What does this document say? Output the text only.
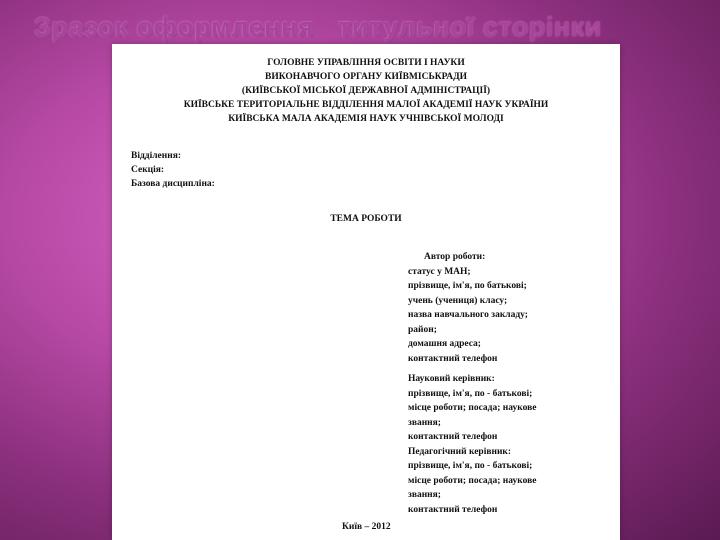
Зразок оформлення   титульної сторінки
ГОЛОВНЕ УПРАВЛІННЯ ОСВІТИ І НАУКИ
ВИКОНАВЧОГО ОРГАНУ КИЇВМІСЬКРАДИ
(КИЇВСЬКОЇ МІСЬКОЇ ДЕРЖАВНОЇ АДМІНІСТРАЦІЇ)
КИЇВСЬКЕ ТЕРИТОРІАЛЬНЕ ВІДДІЛЕННЯ МАЛОЇ АКАДЕМІЇ НАУК УКРАЇНИ
КИЇВСЬКА МАЛА АКАДЕМІЯ НАУК УЧНІВСЬКОЇ МОЛОДІ
Відділення:
Секція:
Базова дисципліна:
ТЕМА РОБОТИ
Автор роботи:
статус у МАН;
прізвище, ім'я, по батькові;
учень (учениця) класу;
назва навчального закладу;
район;
домашня адреса;
контактний телефон
Науковий керівник:
прізвище, ім'я, по - батькові;
місце роботи; посада; наукове
звання;
контактний телефон
Педагогічний керівник:
прізвище, ім'я, по - батькові;
місце роботи; посада; наукове
звання;
контактний телефон
Київ – 2012
